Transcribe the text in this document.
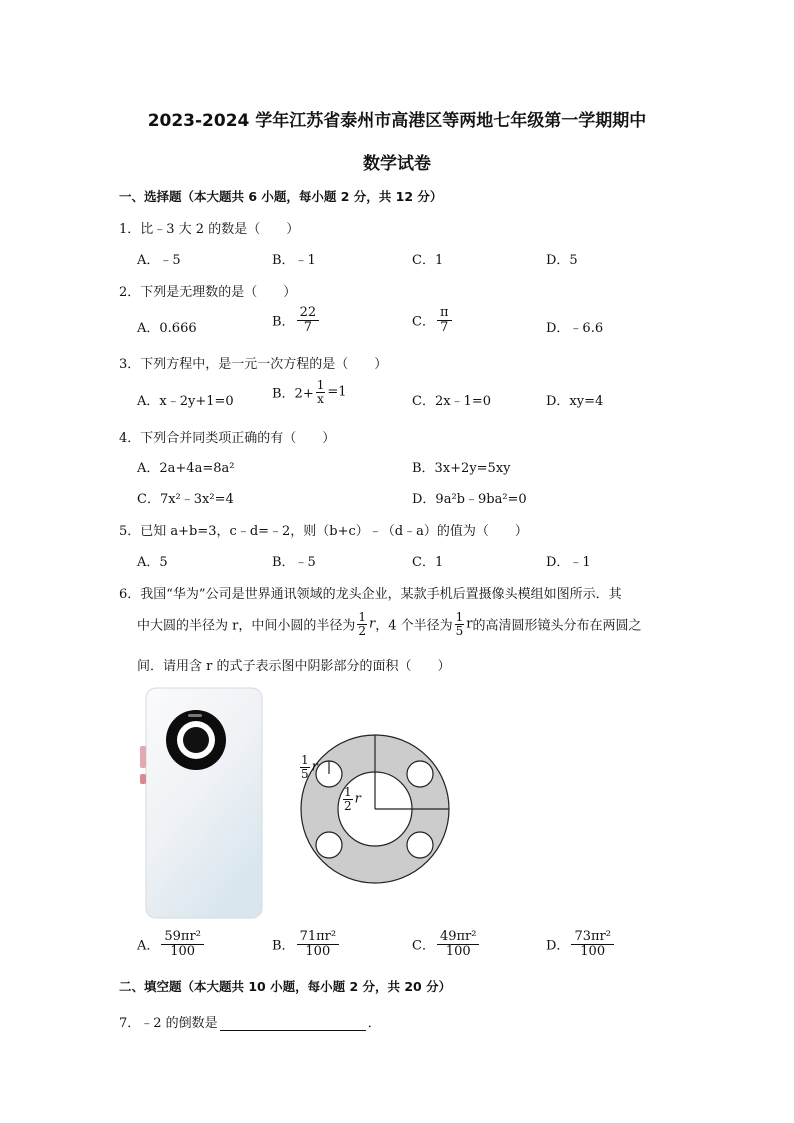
2023-2024 学年江苏省泰州市高港区等两地七年级第一学期期中
数学试卷
一、选择题（本大题共 6 小题，每小题 2 分，共 12 分）
1．比﹣3 大 2 的数是（　　）
A．﹣5	B．﹣1	C．1	D．5
2．下列是无理数的是（　　）
A．0.666	B． $\frac{22}{7}$	C． $\frac{\pi}{7}$	D．﹣6.6
3．下列方程中，是一元一次方程的是（　　）
A．x﹣2y+1=0	B．$2+ \frac{1}{x} =1$
C．2x﹣1=0	D．xy=4
4．下列合并同类项正确的有（　　）
A．2a+4a=8a²	B．3x+2y=5xy
C．7x²﹣3x²=4	D．9a²b﹣9ba²=0
5．已知 a+b=3，c﹣d=﹣2，则（b+c）﹣（d﹣a）的值为（　　）
A．5	B．﹣5	C．1	D．﹣1
6．我国“华为”公司是世界通讯领域的龙头企业，某款手机后置摄像头模组如图所示．其
中大圆的半径为 r，中间小圆的半径为 $\frac{1}{2}$ r，4 个半径为 $\frac{1}{5}$ r的高清圆形镜头分布在两圆之
间．请用含 r 的式子表示图中阴影部分的面积（　　）
$\frac{1}{5}$ r
$\frac{1}{2}$ r
A． $\frac{\text{59πr²}}{100}$	B． $\frac{\text{71πr²}}{100}$	C． $\frac{\text{49πr²}}{100}$	D． $\frac{\text{73πr²}}{100}$
二、填空题（本大题共 10 小题，每小题 2 分，共 20 分）
7．﹣2 的倒数是	．
